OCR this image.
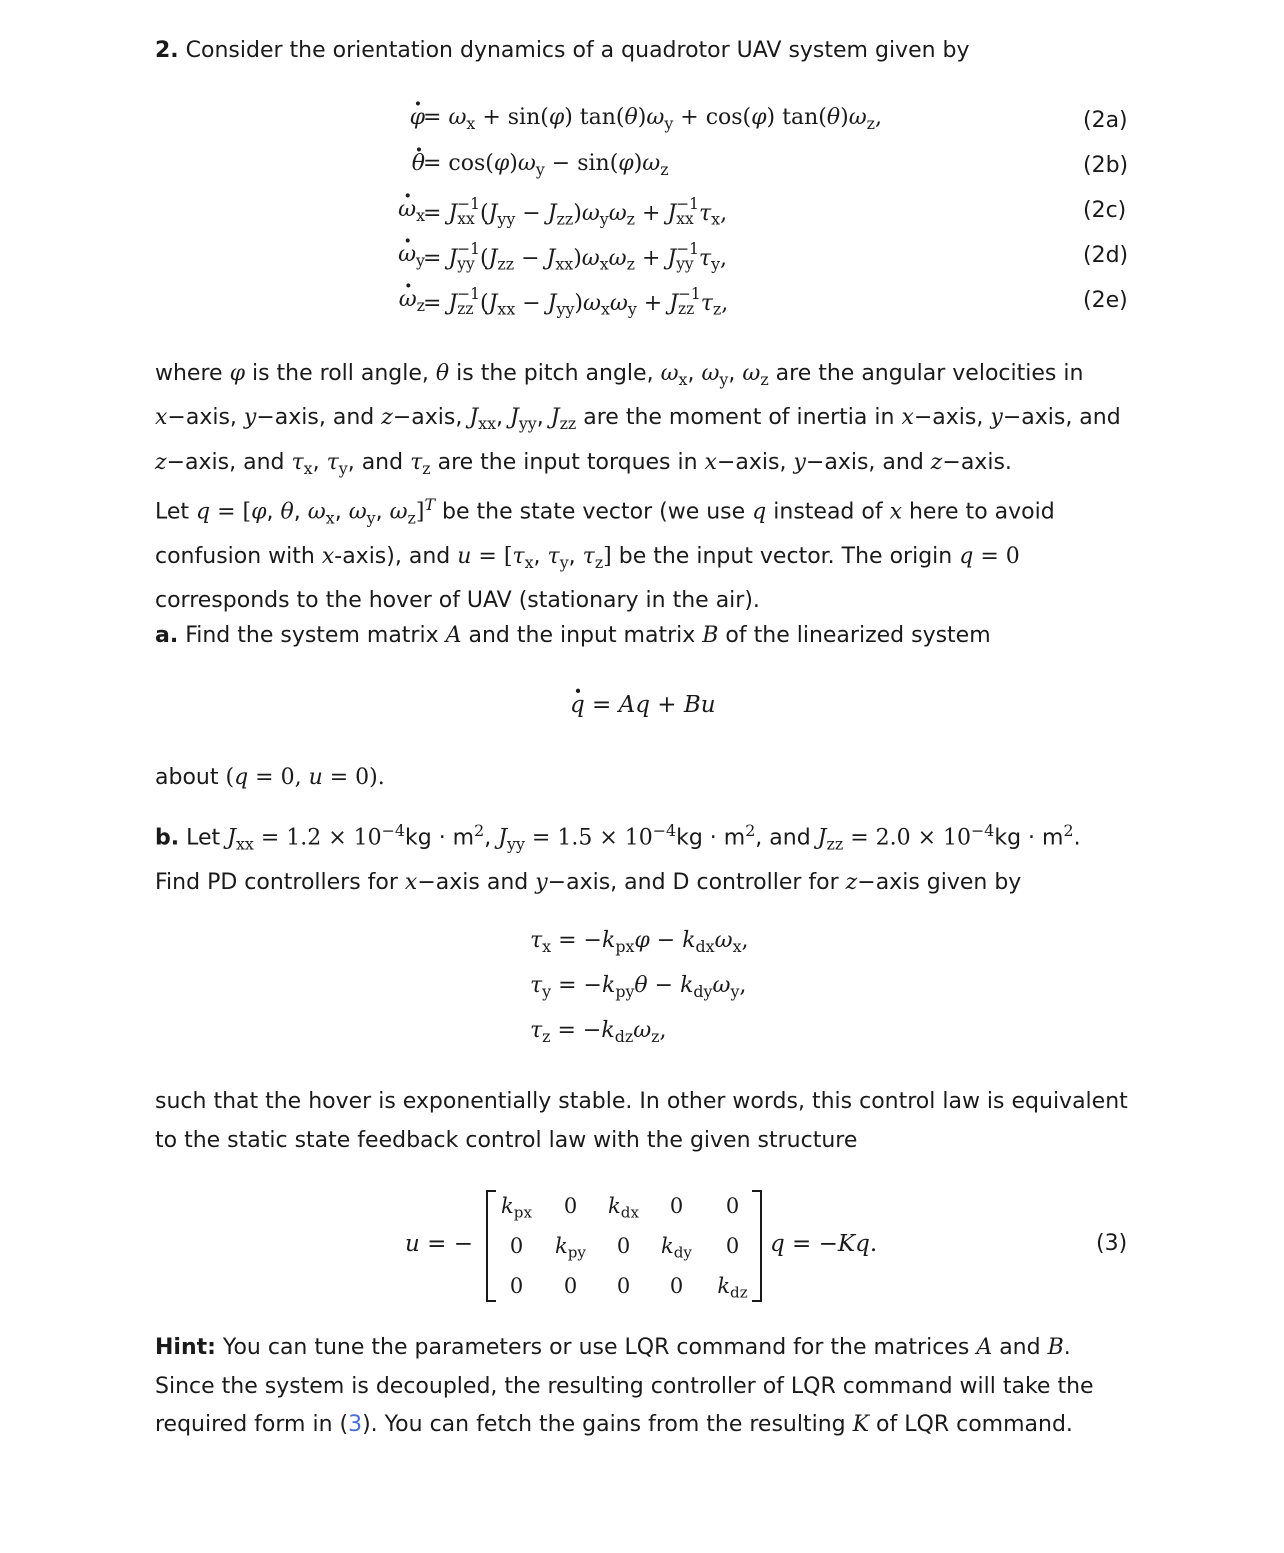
2. Consider the orientation dynamics of a quadrotor UAV system given by
· φ
= $\omega_x + \sin(\varphi) \tan(\theta)\omega_y + \cos(\varphi)$ $\tan(\theta)\omega_z$,
· θ
= $\cos(\varphi)\omega_y - \sin(\varphi)\omega_z$
· $\omega_x$
= J −1
xx $(J_{yy} - J_{zz})\omega_y\omega_z + J -1$
xx $\tau_x$,
· $\omega_y$
= J −1
yy $(J_{zz} - J_{xx})\omega_x\omega_z + J -1$
yy $\tau_y$,
· $\omega_z$
= J −1
zz $(J_{xx} - J_{yy})\omega_x\omega_y + J -1$
zz $\tau_z$,
(2a)
(2b)
(2c)
(2d)
(2e)
where φ is the roll angle, θ is the pitch angle, $\omega_x$, $\omega_y$, $\omega_z$ are the angular velocities in x−axis, y−axis, and z−axis, $J_{xx}$, $J_{yy}$, $J_{zz}$ are the moment of inertia in x−axis, y−axis, and z−axis, and $\tau_x$, $\tau_y$, and $\tau_z$ are the input torques in x−axis, y−axis, and z−axis.
Let q = [φ, θ, $\omega_x$, $\omega_y$, $\omega_z]^T$ be the state vector (we use q instead of x here to avoid confusion with x-axis), and $u = [\tau_x$, $\tau_y$, $\tau_z$] be the input vector. The origin q = 0 corresponds to the hover of UAV (stationary in the air).
a. Find the system matrix A and the input matrix B of the linearized system
· q = Aq + Bu
about (q = 0, u = 0).
b. Let $J_{xx} = 1.2 \times 10^{-4}kg \cdot m^2$, $J_{yy} = 1.5 \times 10^{-4}kg \cdot m^2$, and $J_{zz} = 2.0 \times 10^{-4}kg \cdot m^2$. Find PD controllers for x−axis and y−axis, and D controller for z−axis given by
$\tau_x = -k_{px}\varphi - k_{dx}\omega_x$,
$\tau_y = -k_{py}\theta - k_{dy}\omega_y$,
$\tau_z = -k_{dz}\omega_z$,
such that the hover is exponentially stable. In other words, this control law is equivalent to the static state feedback control law with the given structure
u = −
$k_{px}$	0	$k_{dx}$	0	0
0	$k_{py}$	0	$k_{dy}$	0
0	0	0	0	$k_{dz}$
q = −Kq.	(3)
Hint: You can tune the parameters or use LQR command for the matrices A and B. Since the system is decoupled, the resulting controller of LQR command will take the required form in (3). You can fetch the gains from the resulting K of LQR command.
